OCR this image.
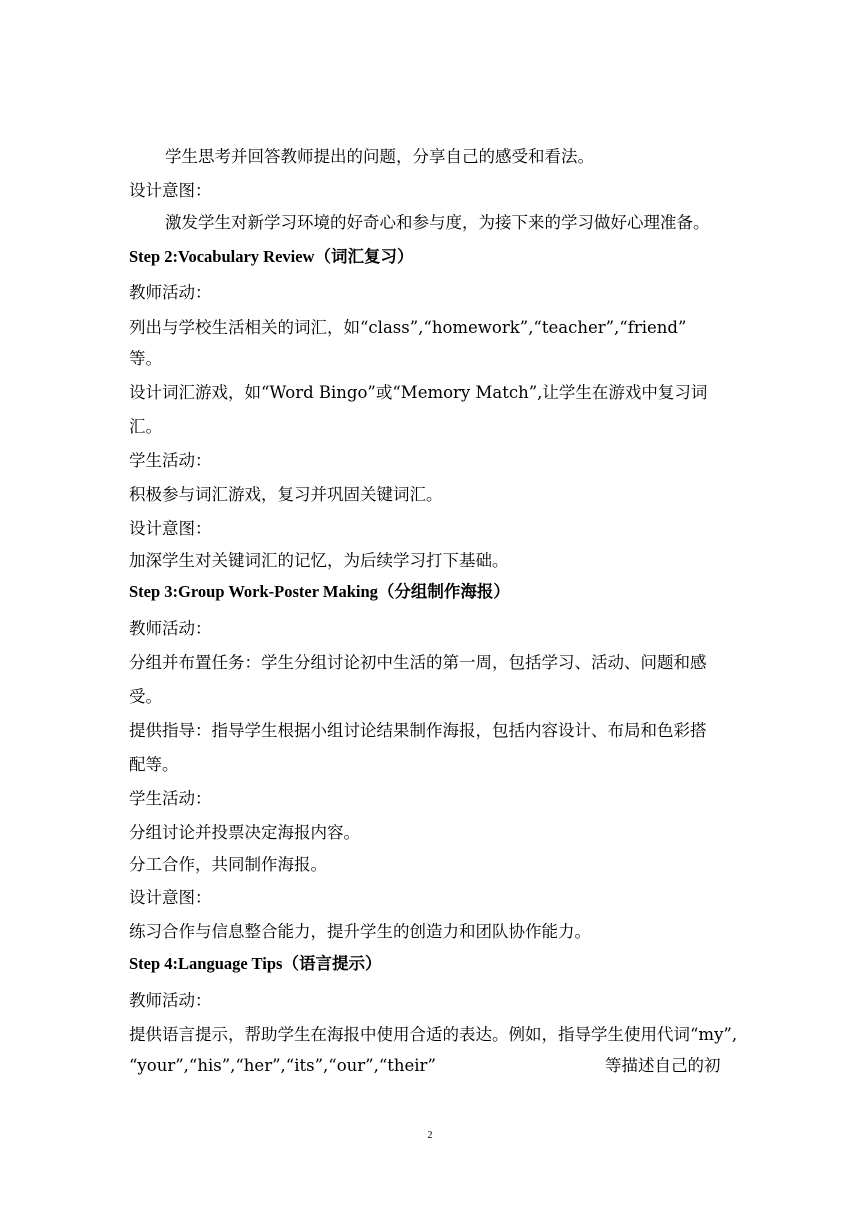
学生思考并回答教师提出的问题，分享自己的感受和看法。
设计意图：
激发学生对新学习环境的好奇心和参与度，为接下来的学习做好心理准备。
Step 2:Vocabulary Review（词汇复习）
教师活动：
列出与学校生活相关的词汇，如“class”,“homework”,“teacher”,“friend”
等。
设计词汇游戏，如“Word Bingo”或“Memory Match”,让学生在游戏中复习词
汇。
学生活动：
积极参与词汇游戏，复习并巩固关键词汇。
设计意图：
加深学生对关键词汇的记忆，为后续学习打下基础。
Step 3:Group Work-Poster Making（分组制作海报）
教师活动：
分组并布置任务：学生分组讨论初中生活的第一周，包括学习、活动、问题和感
受。
提供指导：指导学生根据小组讨论结果制作海报，包括内容设计、布局和色彩搭
配等。
学生活动：
分组讨论并投票决定海报内容。
分工合作，共同制作海报。
设计意图：
练习合作与信息整合能力，提升学生的创造力和团队协作能力。
Step 4:Language Tips（语言提示）
教师活动：
提供语言提示，帮助学生在海报中使用合适的表达。例如，指导学生使用代词“my”,
“your”,“his”,“her”,“its”,“our”,“their”	等描述自己的初
2
